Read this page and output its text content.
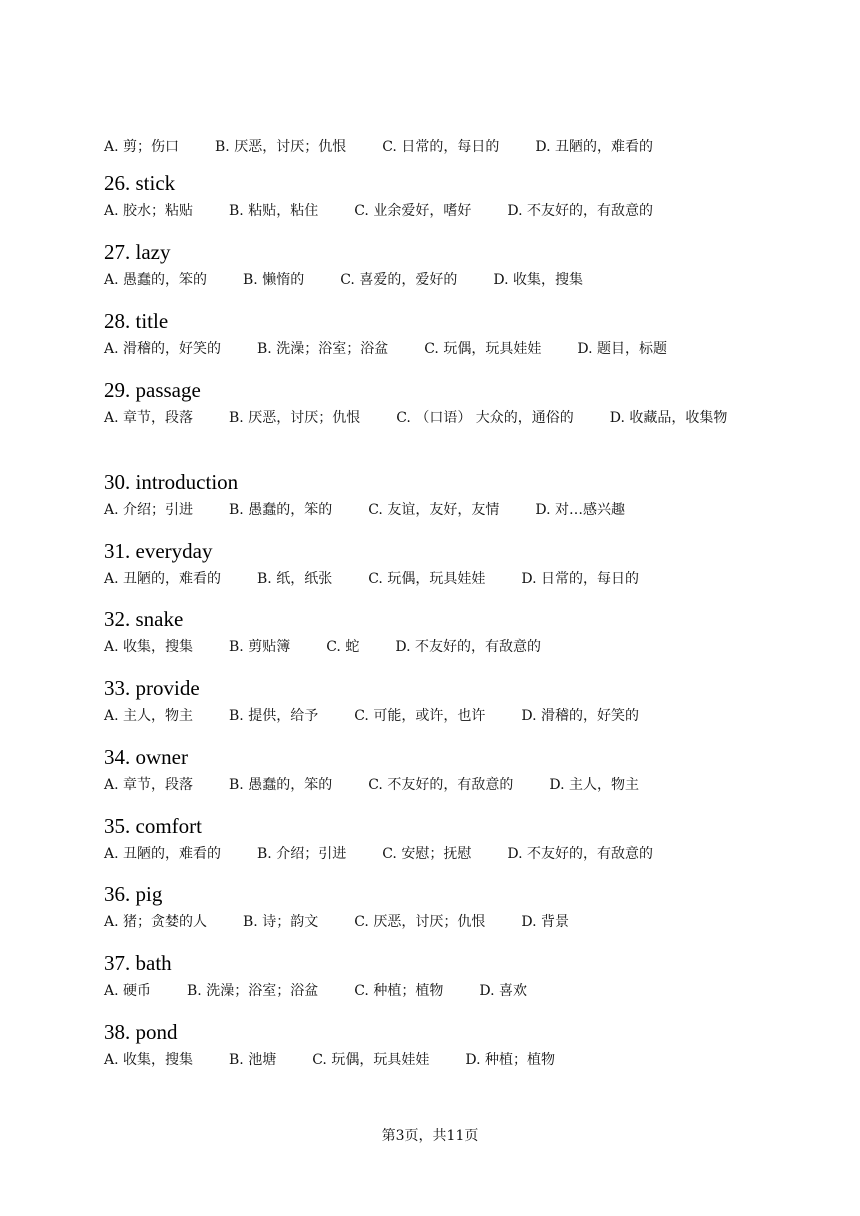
A. 剪；伤口	B. 厌恶，讨厌；仇恨	C. 日常的，每日的	D. 丑陋的，难看的
26. stick
A. 胶水；粘贴	B. 粘贴，粘住	C. 业余爱好，嗜好	D. 不友好的，有敌意的
27. lazy
A. 愚蠢的，笨的	B. 懒惰的	C. 喜爱的，爱好的	D. 收集，搜集
28. title
A. 滑稽的，好笑的	B. 洗澡；浴室；浴盆	C. 玩偶，玩具娃娃	D. 题目，标题
29. passage
A. 章节，段落	B. 厌恶，讨厌；仇恨	C. （口语） 大众的，通俗的	D. 收藏品，收集物
30. introduction
A. 介绍；引进	B. 愚蠢的，笨的	C. 友谊，友好，友情	D. 对…感兴趣
31. everyday
A. 丑陋的，难看的	B. 纸，纸张	C. 玩偶，玩具娃娃	D. 日常的，每日的
32. snake
A. 收集，搜集	B. 剪贴簿	C. 蛇	D. 不友好的，有敌意的
33. provide
A. 主人，物主	B. 提供，给予	C. 可能，或许，也许	D. 滑稽的，好笑的
34. owner
A. 章节，段落	B. 愚蠢的，笨的	C. 不友好的，有敌意的	D. 主人，物主
35. comfort
A. 丑陋的，难看的	B. 介绍；引进	C. 安慰；抚慰	D. 不友好的，有敌意的
36. pig
A. 猪；贪婪的人	B. 诗；韵文	C. 厌恶，讨厌；仇恨	D. 背景
37. bath
A. 硬币	B. 洗澡；浴室；浴盆	C. 种植；植物	D. 喜欢
38. pond
A. 收集，搜集	B. 池塘	C. 玩偶，玩具娃娃	D. 种植；植物
第3页，共11页
